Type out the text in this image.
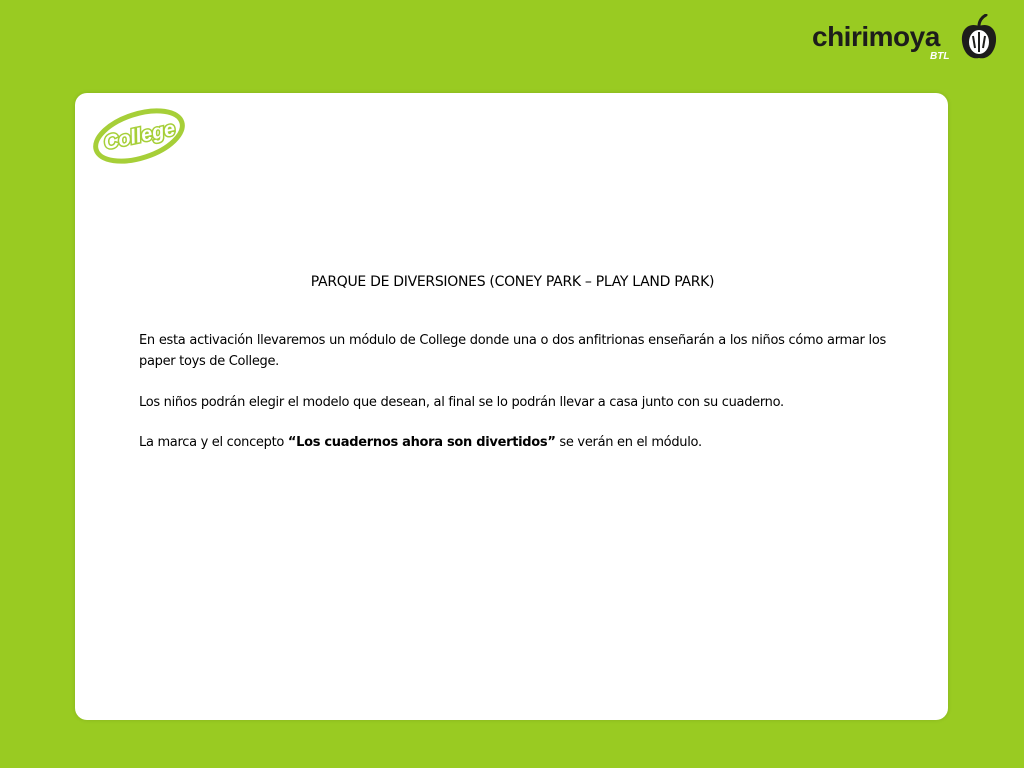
chirimoya
BTL
College
PARQUE DE DIVERSIONES (CONEY PARK – PLAY LAND PARK)

En esta activación llevaremos un módulo de College donde una o dos anfitrionas enseñarán a los niños cómo armar los paper toys de College.

Los niños podrán elegir el modelo que desean, al final se lo podrán llevar a casa junto con su cuaderno.

La marca y el concepto “Los cuadernos ahora son divertidos” se verán en el módulo.
